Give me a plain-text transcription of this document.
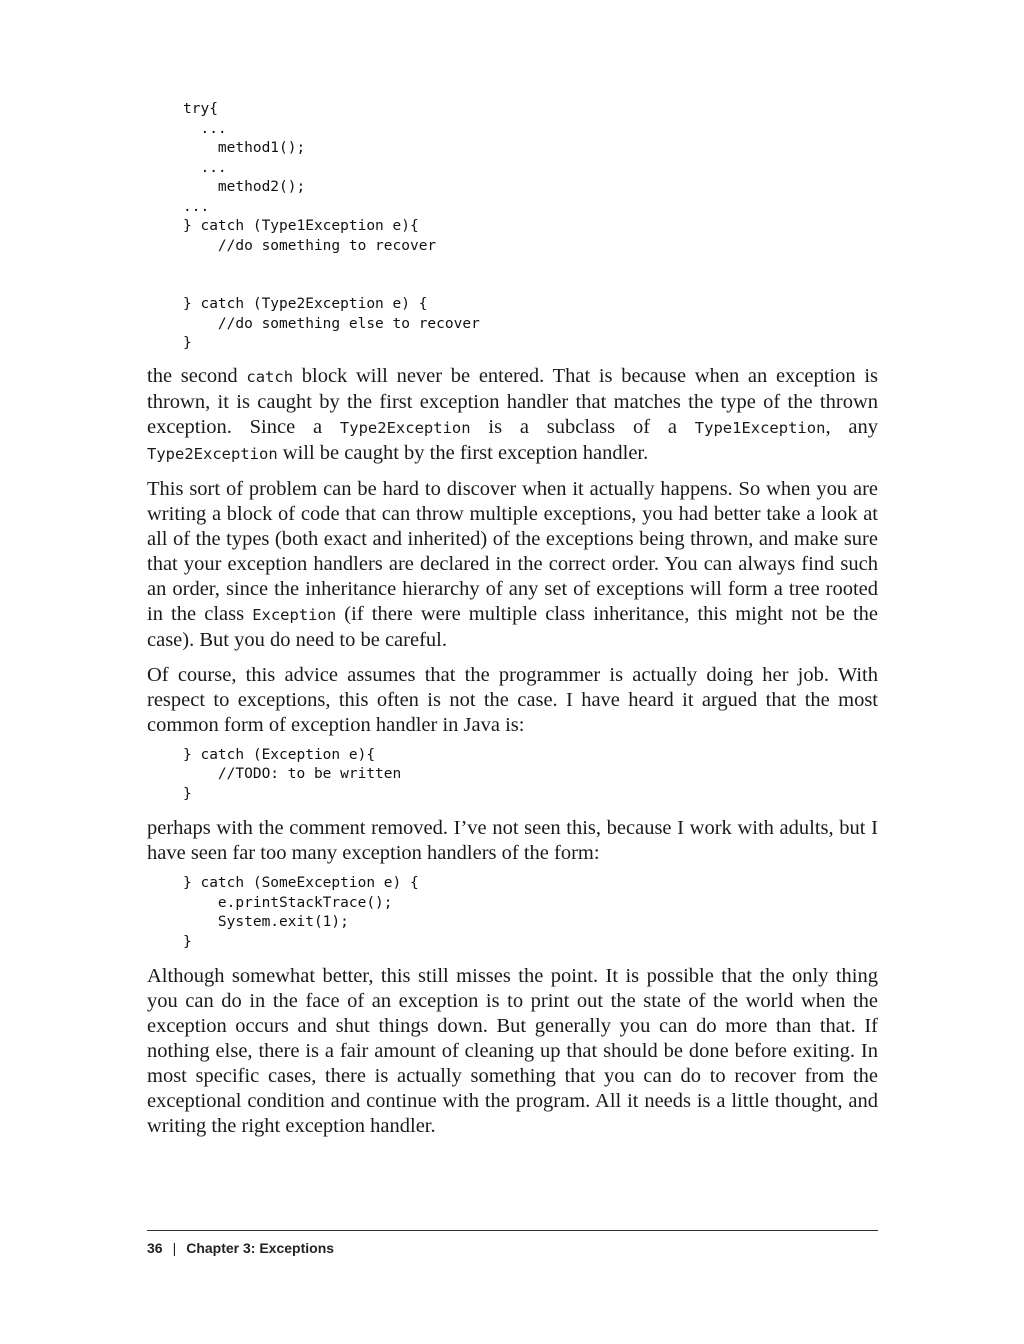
try{
...
method1();
...
method2();
...
} catch (Type1Exception e){
//do something to recover

} catch (Type2Exception e) {
//do something else to recover
}

the second catch block will never be entered. That is because when an exception is thrown, it is caught by the first exception handler that matches the type of the thrown exception. Since a Type2Exception is a subclass of a Type1Exception, any Type2Exception will be caught by the first exception handler.

This sort of problem can be hard to discover when it actually happens. So when you are writing a block of code that can throw multiple exceptions, you had better take a look at all of the types (both exact and inherited) of the exceptions being thrown, and make sure that your exception handlers are declared in the correct order. You can always find such an order, since the inheritance hierarchy of any set of exceptions will form a tree rooted in the class Exception (if there were multiple class inheritance, this might not be the case). But you do need to be careful.

Of course, this advice assumes that the programmer is actually doing her job. With respect to exceptions, this often is not the case. I have heard it argued that the most common form of exception handler in Java is:

} catch (Exception e){
//TODO: to be written
}

perhaps with the comment removed. I’ve not seen this, because I work with adults, but I have seen far too many exception handlers of the form:

} catch (SomeException e) {
e.printStackTrace();
System.exit(1);
}

Although somewhat better, this still misses the point. It is possible that the only thing you can do in the face of an exception is to print out the state of the world when the exception occurs and shut things down. But generally you can do more than that. If nothing else, there is a fair amount of cleaning up that should be done before exiting. In most specific cases, there is actually something that you can do to recover from the exceptional condition and continue with the program. All it needs is a little thought, and writing the right exception handler.

36 | Chapter 3: Exceptions
